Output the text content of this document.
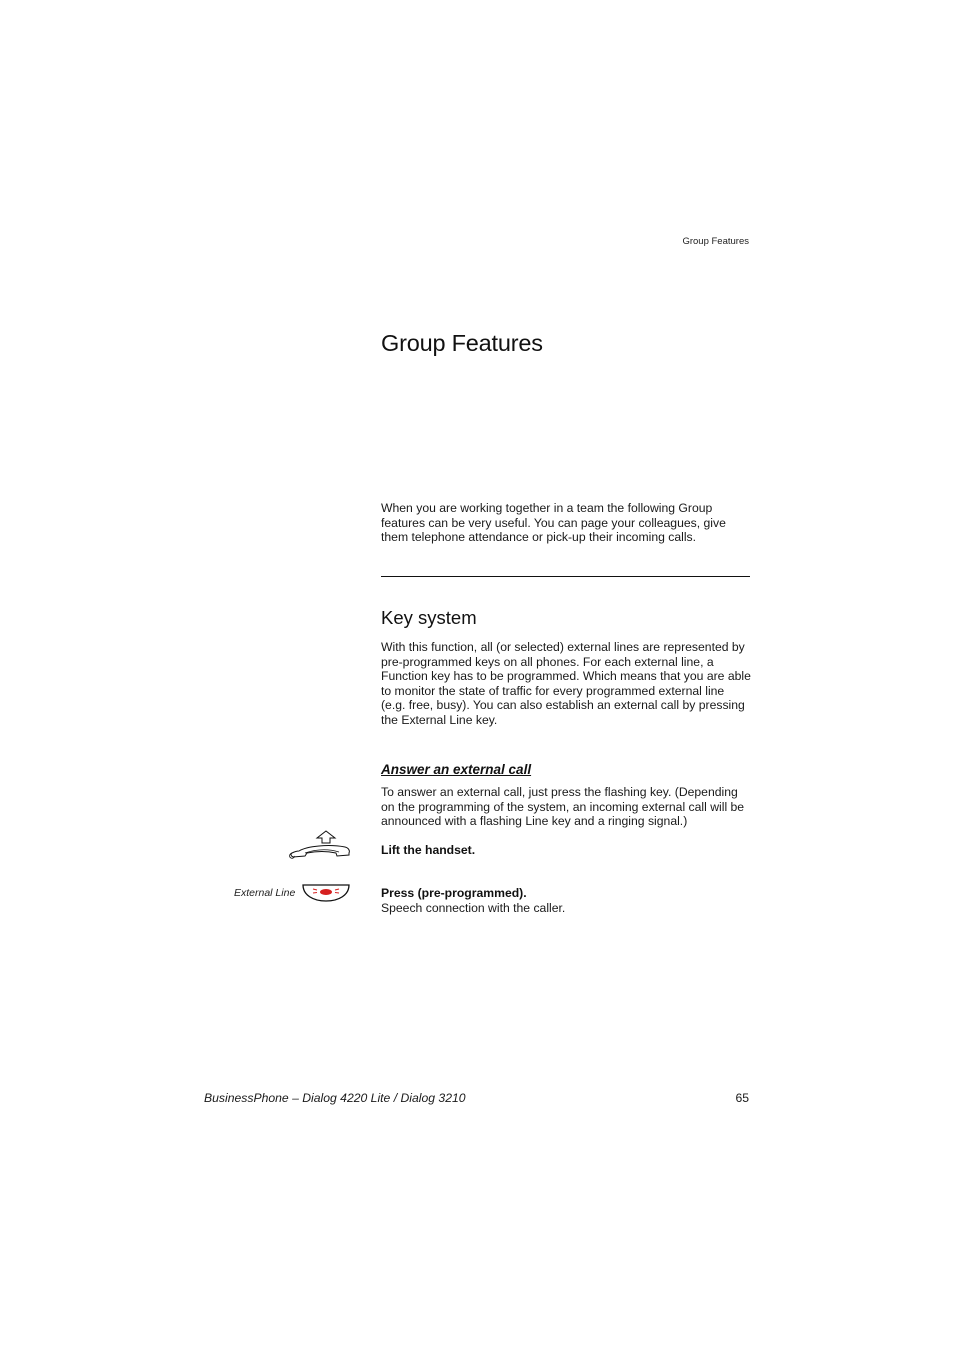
Group Features
Group Features

When you are working together in a team the following Group features can be very useful. You can page your colleagues, give them telephone attendance or pick-up their incoming calls.

Key system

With this function, all (or selected) external lines are represented by pre-programmed keys on all phones. For each external line, a Function key has to be programmed. Which means that you are able to monitor the state of traffic for every programmed external line (e.g. free, busy). You can also establish an external call by pressing the External Line key.

Answer an external call

To answer an external call, just press the flashing key. (Depending on the programming of the system, an incoming external call will be announced with a flashing Line key and a ringing signal.)

Lift the handset.

External Line	Press (pre-programmed).

Speech connection with the caller.

BusinessPhone – Dialog 4220 Lite / Dialog 3210	65
